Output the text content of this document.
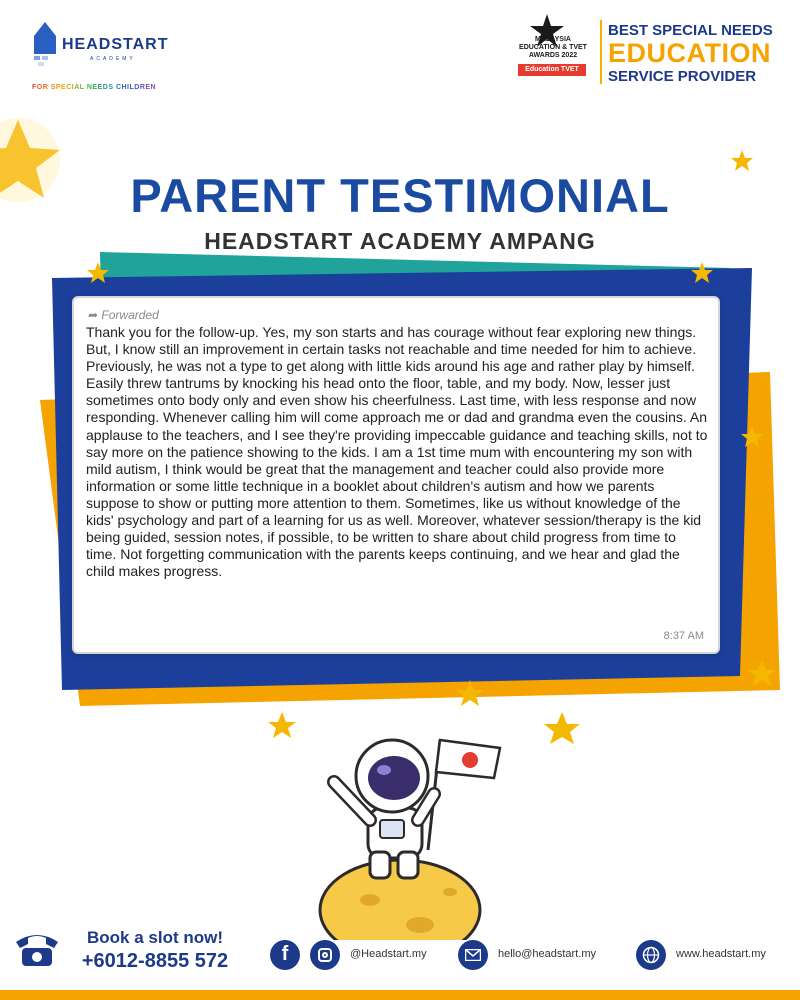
HEADSTART
ACADEMY
FOR SPECIAL NEEDS CHILDREN
MALAYSIA
EDUCATION & TVET
AWARDS 2022
Education TVET
BEST SPECIAL NEEDS
EDUCATION
SERVICE PROVIDER
PARENT TESTIMONIAL
HEADSTART ACADEMY AMPANG
➦ Forwarded
Thank you for the follow-up. Yes, my son starts and has courage without fear exploring new things. But, I know still an improvement in certain tasks not reachable and time needed for him to achieve. Previously, he was not a type to get along with little kids around his age and rather play by himself. Easily threw tantrums by knocking his head onto the floor, table, and my body. Now, lesser just sometimes onto body only and even show his cheerfulness. Last time, with less response and now responding. Whenever calling him will come approach me or dad and grandma even the cousins. An applause to the teachers, and I see they're providing impeccable guidance and teaching skills, not to say more on the patience showing to the kids. I am a 1st time mum with encountering my son with mild autism, I think would be great that the management and teacher could also provide more information or some little technique in a booklet about children's autism and how we parents suppose to show or putting more attention to them. Sometimes, like us without knowledge of the kids' psychology and part of a learning for us as well. Moreover, whatever session/therapy is the kid being guided, session notes, if possible, to be written to share about child progress from time to time. Not forgetting communication with the parents keeps continuing, and we hear and glad the child makes progress.
8:37 AM
Book a slot now!
+6012-8855 572	f	@Headstart.my	hello@headstart.my	www.headstart.my
